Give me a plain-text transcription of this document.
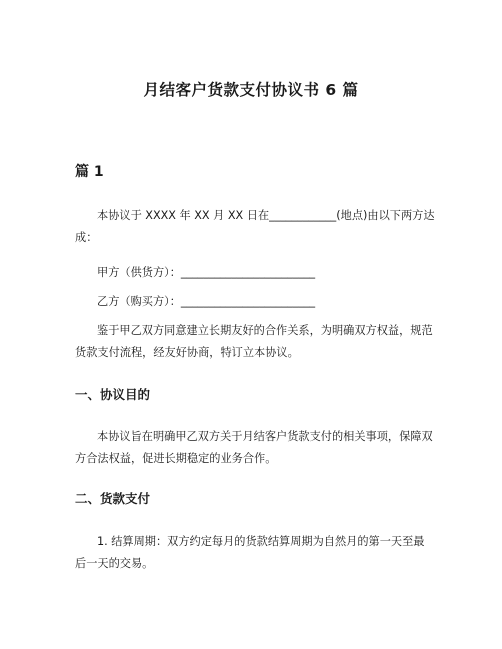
月结客户货款支付协议书 6 篇
篇 1

本协议于 XXXX 年 XX 月 XX 日在____________(地点)由以下两方达成：

甲方（供货方）：________________________
乙方（购买方）：________________________

鉴于甲乙双方同意建立长期友好的合作关系，为明确双方权益，规范货款支付流程，经友好协商，特订立本协议。

一、协议目的

本协议旨在明确甲乙双方关于月结客户货款支付的相关事项，保障双方合法权益，促进长期稳定的业务合作。

二、货款支付

1. 结算周期：双方约定每月的货款结算周期为自然月的第一天至最后一天的交易。
